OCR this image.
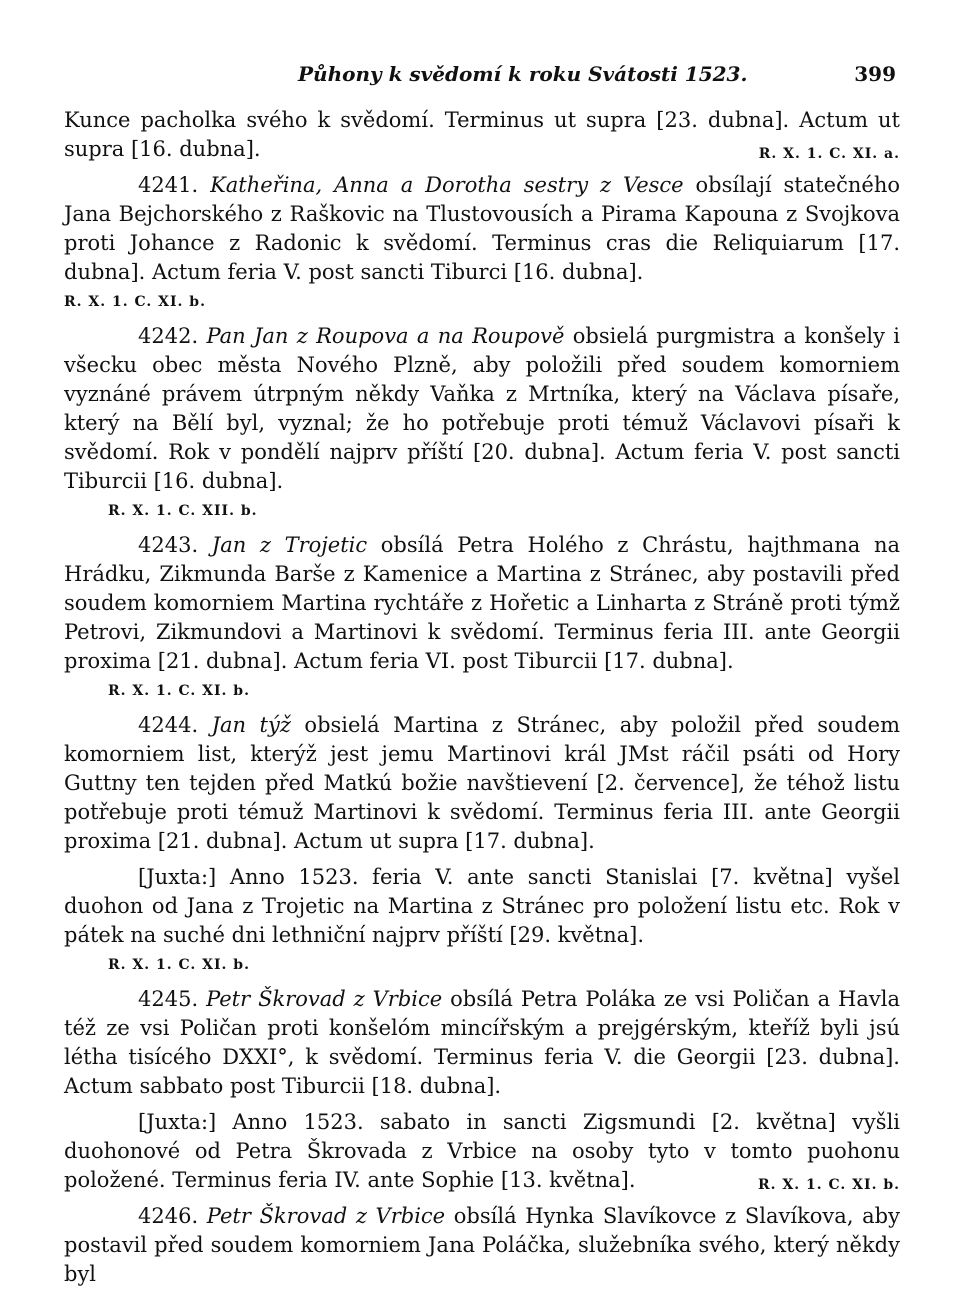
Půhony k svědomí k roku Svátosti 1523.	399

Kunce pacholka svého k svědomí. Terminus ut supra [23. dubna]. Actum ut supra [16. dubna].	R. X. 1. C. XI. a.

4241. Katheřina, Anna a Dorotha sestry z Vesce obsílají statečného Jana Bejchorského z Raškovic na Tlustovousích a Pirama Kapouna z Svojkova proti Johance z Radonic k svědomí. Terminus cras die Reliquiarum [17. dubna]. Actum feria V. post sancti Tiburci [16. dubna].

R. X. 1. C. XI. b.

4242. Pan Jan z Roupova a na Roupově obsielá purgmistra a konšely i všecku obec města Nového Plzně, aby položili před soudem komorniem vyznáné právem útrpným někdy Vaňka z Mrtníka, který na Václava písaře, který na Bělí byl, vyznal; že ho potřebuje proti témuž Václavovi písaři k svědomí. Rok v pondělí najprv příští [20. dubna]. Actum feria V. post sancti Tiburcii [16. dubna].

R. X. 1. C. XII. b.

4243. Jan z Trojetic obsílá Petra Holého z Chrástu, hajthmana na Hrádku, Zikmunda Barše z Kamenice a Martina z Stránec, aby postavili před soudem komorniem Martina rychtáře z Hořetic a Linharta z Stráně proti týmž Petrovi, Zikmundovi a Martinovi k svědomí. Terminus feria III. ante Georgii proxima [21. dubna]. Actum feria VI. post Tiburcii [17. dubna].

R. X. 1. C. XI. b.

4244. Jan týž obsielá Martina z Stránec, aby položil před soudem komorniem list, kterýž jest jemu Martinovi král JMst ráčil psáti od Hory Guttny ten tejden před Matkú božie navštievení [2. července], že téhož listu potřebuje proti témuž Martinovi k svědomí. Terminus feria III. ante Georgii proxima [21. dubna]. Actum ut supra [17. dubna].

[Juxta:] Anno 1523. feria V. ante sancti Stanislai [7. května] vyšel duohon od Jana z Trojetic na Martina z Stránec pro položení listu etc. Rok v pátek na suché dni lethniční najprv příští [29. května].

R. X. 1. C. XI. b.

4245. Petr Škrovad z Vrbice obsílá Petra Poláka ze vsi Poličan a Havla též ze vsi Poličan proti konšelóm mincířským a prejgérským, kteříž byli jsú létha tisícého DXXI°, k svědomí. Terminus feria V. die Georgii [23. dubna]. Actum sabbato post Tiburcii [18. dubna].

[Juxta:] Anno 1523. sabato in sancti Zigsmundi [2. května] vyšli duohonové od Petra Škrovada z Vrbice na osoby tyto v tomto puohonu položené. Terminus feria IV. ante Sophie [13. května].	R. X. 1. C. XI. b.

4246. Petr Škrovad z Vrbice obsílá Hynka Slavíkovce z Slavíkova, aby postavil před soudem komorniem Jana Poláčka, služebníka svého, který někdy byl
